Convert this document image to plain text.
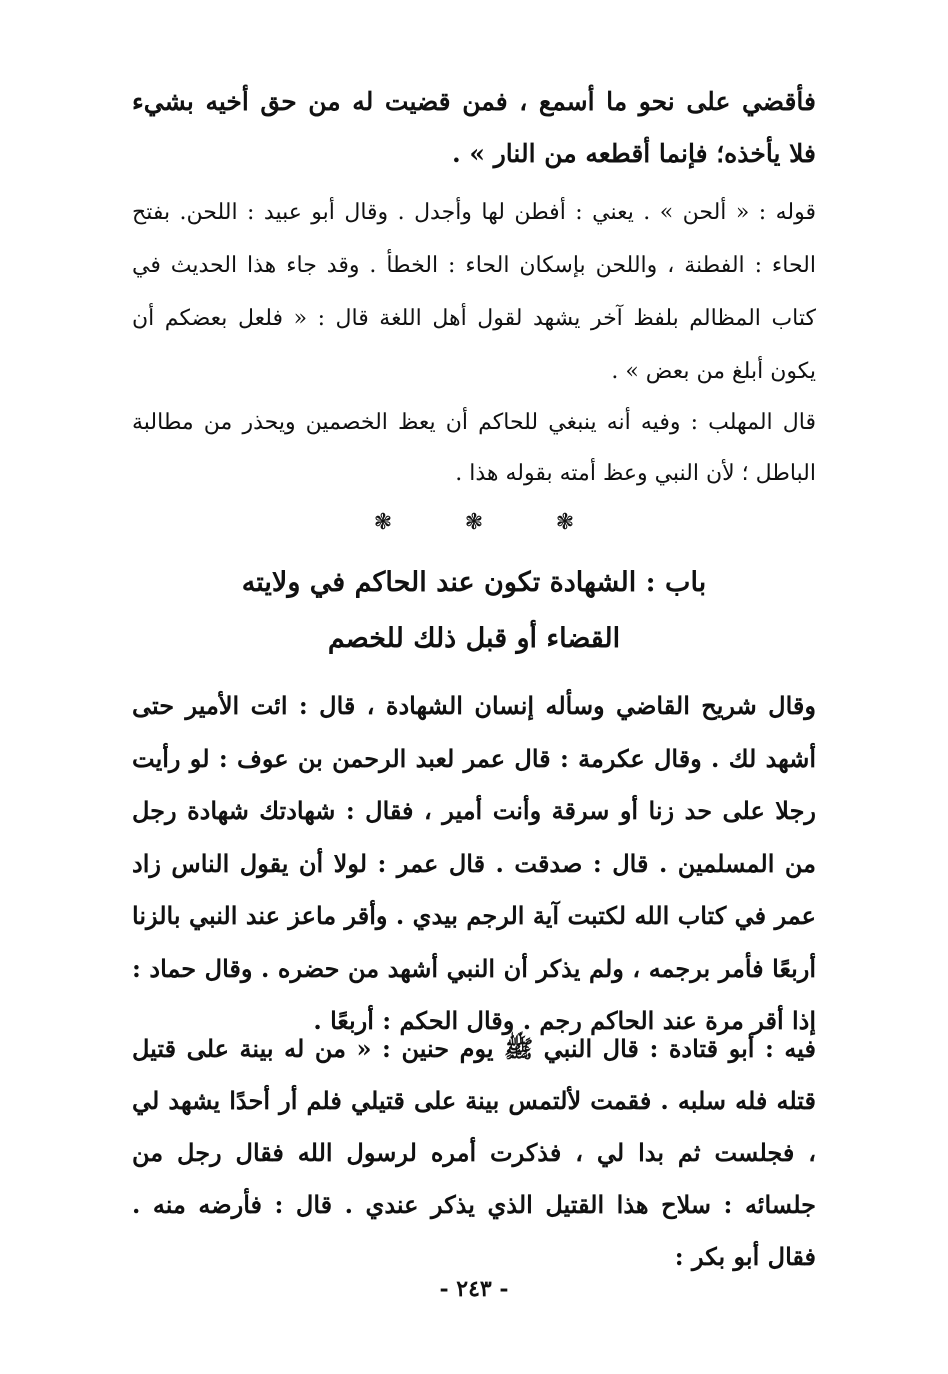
فأقضي على نحو ما أسمع ، فمن قضيت له من حق أخيه بشيء فلا يأخذه؛ فإنما أقطعه من النار » .

قوله : « ألحن » . يعني : أفطن لها وأجدل . وقال أبو عبيد : اللحن. بفتح الحاء : الفطنة ، واللحن بإسكان الحاء : الخطأ . وقد جاء هذا الحديث في كتاب المظالم بلفظ آخر يشهد لقول أهل اللغة قال : « فلعل بعضكم أن يكون أبلغ من بعض » .

قال المهلب : وفيه أنه ينبغي للحاكم أن يعظ الخصمين ويحذر من مطالبة الباطل ؛ لأن النبي وعظ أمته بقوله هذا .

❃	❃	❃
باب : الشهادة تكون عند الحاكم في ولايته
القضاء أو قبل ذلك للخصم

وقال شريح القاضي وسأله إنسان الشهادة ، قال : ائت الأمير حتى أشهد لك . وقال عكرمة : قال عمر لعبد الرحمن بن عوف : لو رأيت رجلا على حد زنا أو سرقة وأنت أمير ، فقال : شهادتك شهادة رجل من المسلمين . قال : صدقت . قال عمر : لولا أن يقول الناس زاد عمر في كتاب الله لكتبت آية الرجم بيدي . وأقر ماعز عند النبي بالزنا أربعًا فأمر برجمه ، ولم يذكر أن النبي أشهد من حضره . وقال حماد : إذا أقر مرة عند الحاكم رجم . وقال الحكم : أربعًا .

فيه : أبو قتادة : قال النبي ﷺ يوم حنين : « من له بينة على قتيل قتله فله سلبه . فقمت لألتمس بينة على قتيلي فلم أر أحدًا يشهد لي ، فجلست ثم بدا لي ، فذكرت أمره لرسول الله فقال رجل من جلسائه : سلاح هذا القتيل الذي يذكر عندي . قال : فأرضه منه . فقال أبو بكر :

- ٢٤٣ -
